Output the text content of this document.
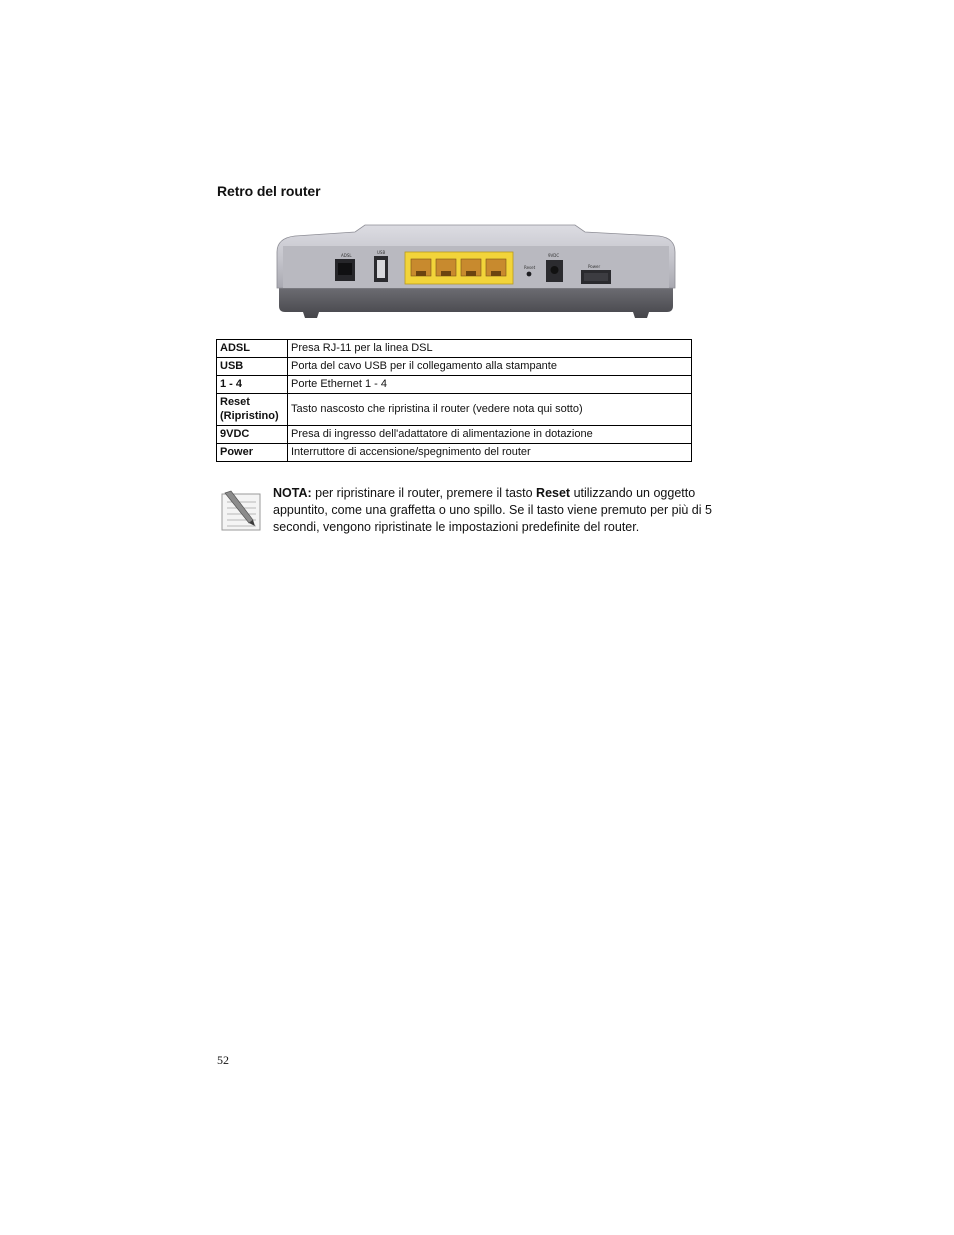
Retro del router
ADSL
USB
Reset
9VDC
Power
ADSL	Presa RJ-11 per la linea DSL
USB	Porta del cavo USB per il collegamento alla stampante
1 - 4	Porte Ethernet 1 - 4
Reset
(Ripristino)	Tasto nascosto che ripristina il router (vedere nota qui sotto)
9VDC	Presa di ingresso dell'adattatore di alimentazione in dotazione
Power	Interruttore di accensione/spegnimento del router

NOTA: per ripristinare il router, premere il tasto Reset utilizzando un oggetto appuntito, come una graffetta o uno spillo. Se il tasto viene premuto per più di 5 secondi, vengono ripristinate le impostazioni predefinite del router.

52
